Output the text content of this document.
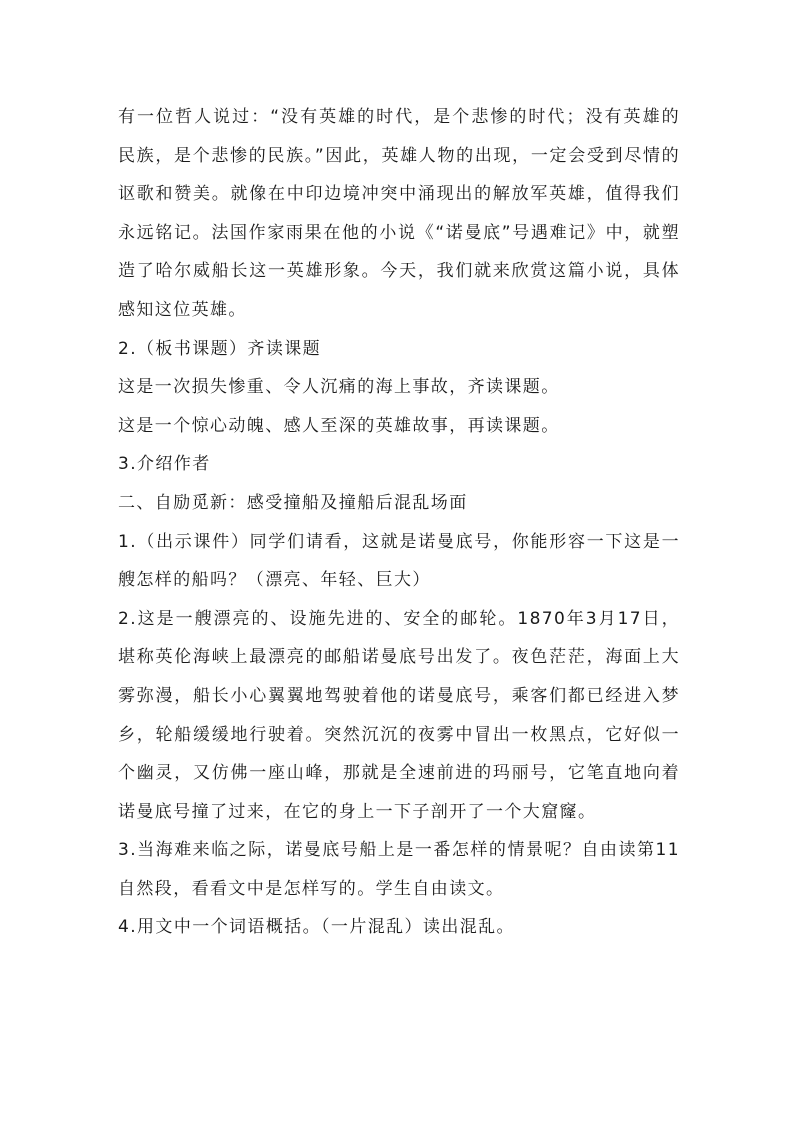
有一位哲人说过：“没有英雄的时代，是个悲惨的时代；没有英雄的民族，是个悲惨的民族。”因此，英雄人物的出现，一定会受到尽情的讴歌和赞美。就像在中印边境冲突中涌现出的解放军英雄，值得我们永远铭记。法国作家雨果在他的小说《“诺曼底”号遇难记》中，就塑造了哈尔威船长这一英雄形象。今天，我们就来欣赏这篇小说，具体感知这位英雄。

2.（板书课题）齐读课题

这是一次损失惨重、令人沉痛的海上事故，齐读课题。

这是一个惊心动魄、感人至深的英雄故事，再读课题。

3.介绍作者

二、自励觅新：感受撞船及撞船后混乱场面

1.（出示课件）同学们请看，这就是诺曼底号，你能形容一下这是一艘怎样的船吗？（漂亮、年轻、巨大）

2.这是一艘漂亮的、设施先进的、安全的邮轮。1870年3月17日，堪称英伦海峡上最漂亮的邮船诺曼底号出发了。夜色茫茫，海面上大雾弥漫，船长小心翼翼地驾驶着他的诺曼底号，乘客们都已经进入梦乡，轮船缓缓地行驶着。突然沉沉的夜雾中冒出一枚黑点，它好似一个幽灵，又仿佛一座山峰，那就是全速前进的玛丽号，它笔直地向着诺曼底号撞了过来，在它的身上一下子剖开了一个大窟窿。

3.当海难来临之际，诺曼底号船上是一番怎样的情景呢？自由读第11自然段，看看文中是怎样写的。学生自由读文。

4.用文中一个词语概括。（一片混乱）读出混乱。
